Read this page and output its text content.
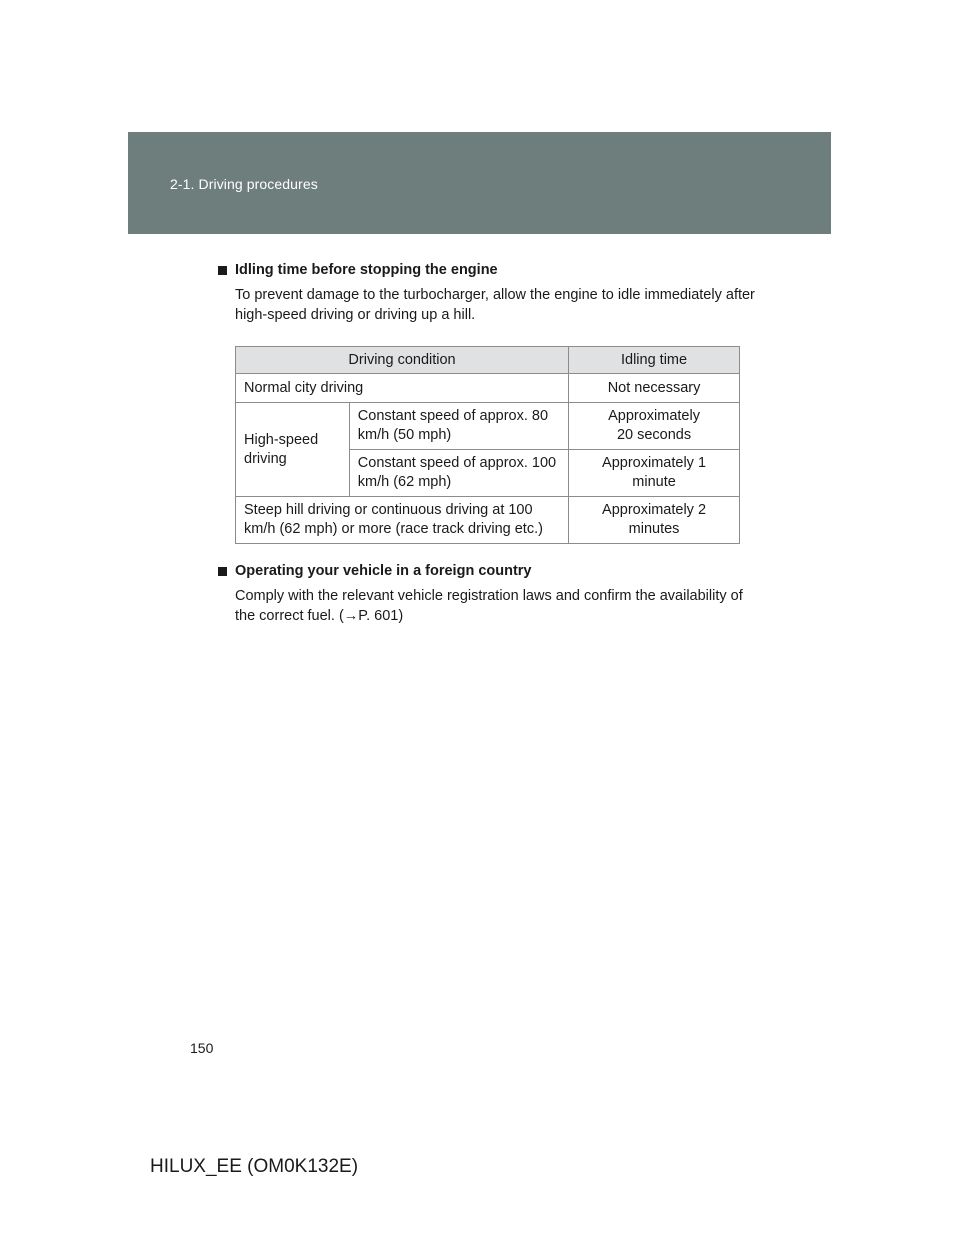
2-1. Driving procedures
Idling time before stopping the engine
To prevent damage to the turbocharger, allow the engine to idle immediately after high-speed driving or driving up a hill.
Driving condition		Idling time
Normal city driving		Not necessary
High-speed driving	Constant speed of approx. 80 km/h (50 mph)	Approximately 20 seconds
	Constant speed of approx. 100 km/h (62 mph)	Approximately 1 minute
Steep hill driving or continuous driving at 100 km/h (62 mph) or more (race track driving etc.)		Approximately 2 minutes
Operating your vehicle in a foreign country
Comply with the relevant vehicle registration laws and confirm the availability of the correct fuel. (→P. 601)
150
HILUX_EE (OM0K132E)
